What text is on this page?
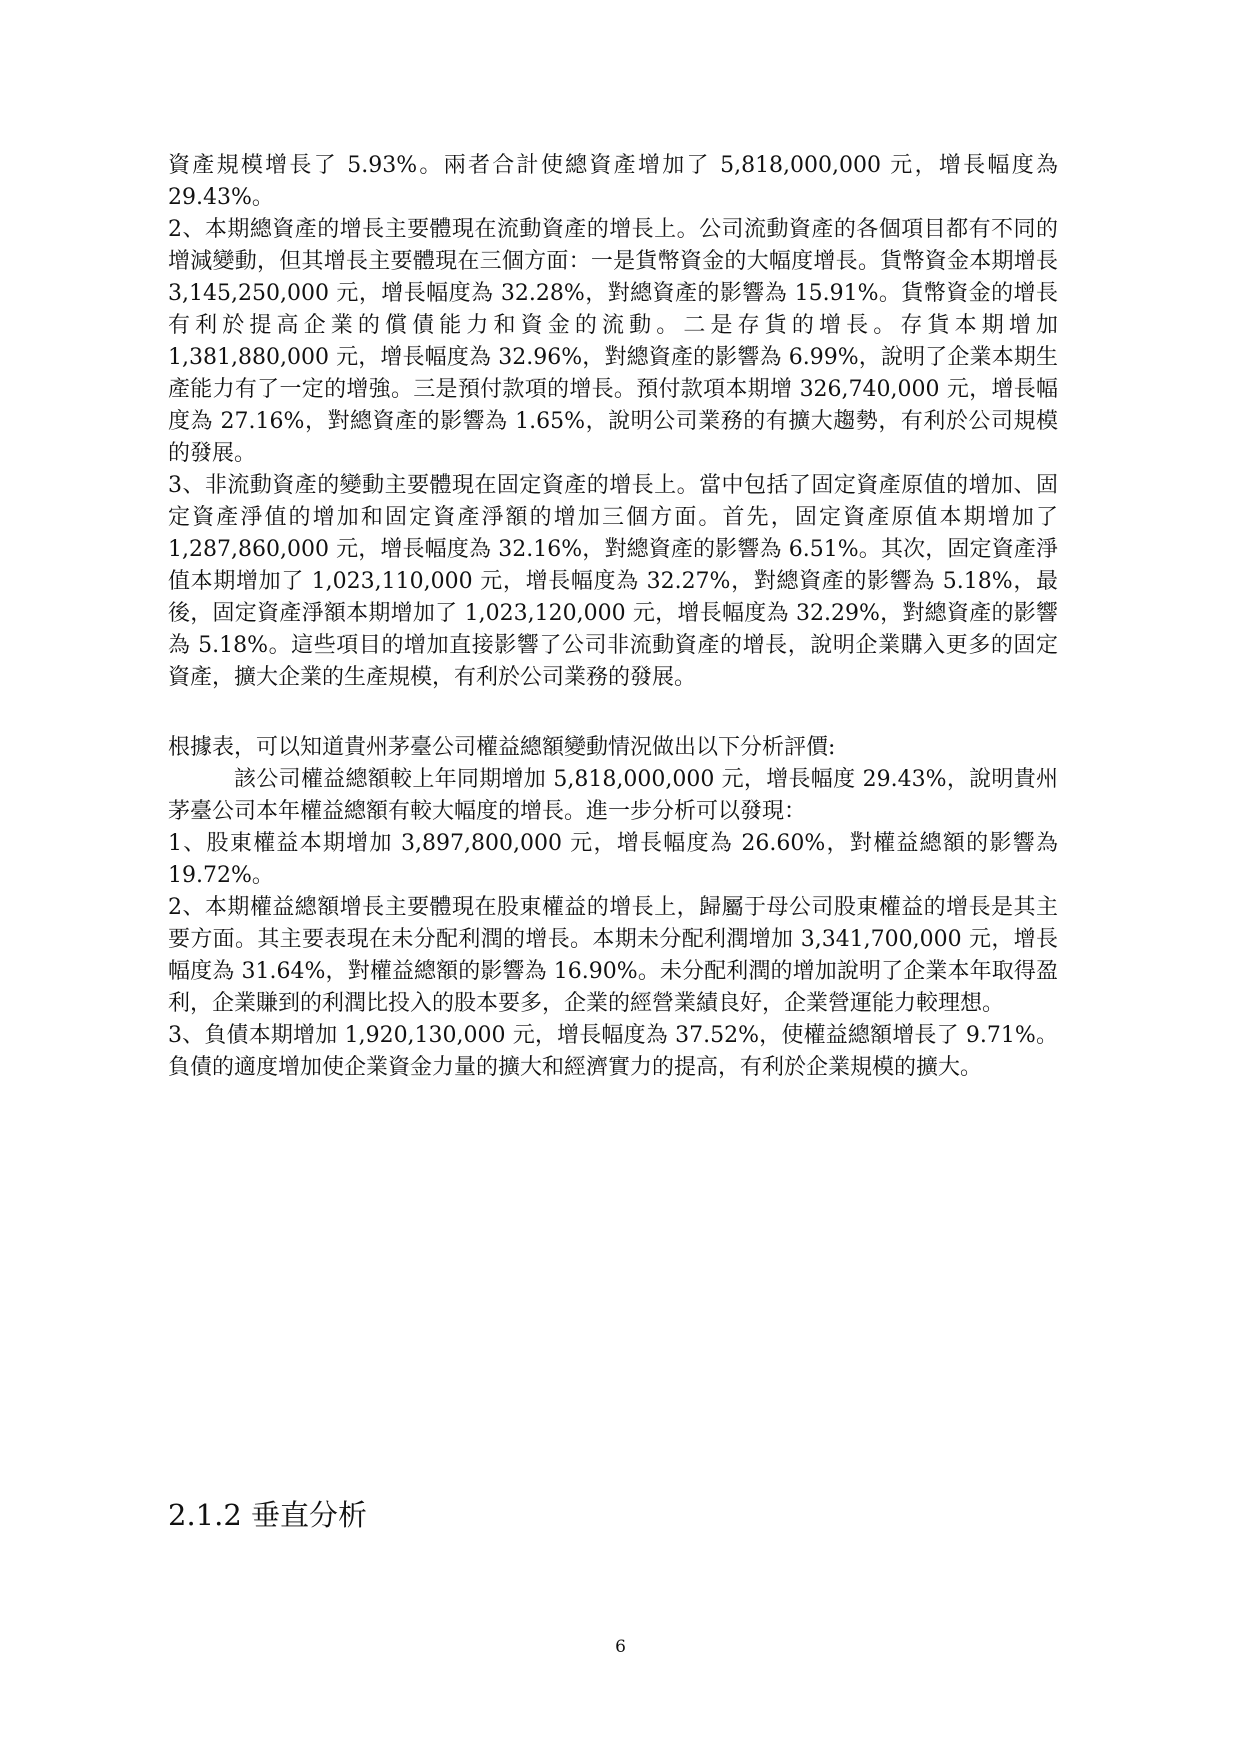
資產規模增長了 5.93%。兩者合計使總資產增加了 5,818,000,000 元，增長幅度為 29.43%。

2、本期總資產的增長主要體現在流動資產的增長上。公司流動資產的各個項目都有不同的增減變動，但其增長主要體現在三個方面：一是貨幣資金的大幅度增長。貨幣資金本期增長 3,145,250,000 元，增長幅度為 32.28%，對總資產的影響為 15.91%。貨幣資金的增長有利於提高企業的償債能力和資金的流動。二是存貨的增長。存貨本期增加 1,381,880,000 元，增長幅度為 32.96%，對總資產的影響為 6.99%，說明了企業本期生產能力有了一定的增強。三是預付款項的增長。預付款項本期增 326,740,000 元，增長幅度為 27.16%，對總資產的影響為 1.65%，說明公司業務的有擴大趨勢，有利於公司規模的發展。

3、非流動資產的變動主要體現在固定資產的增長上。當中包括了固定資產原值的增加、固定資產淨值的增加和固定資產淨額的增加三個方面。首先，固定資產原值本期增加了 1,287,860,000 元，增長幅度為 32.16%，對總資產的影響為 6.51%。其次，固定資產淨值本期增加了 1,023,110,000 元，增長幅度為 32.27%，對總資產的影響為 5.18%，最後，固定資產淨額本期增加了 1,023,120,000 元，增長幅度為 32.29%，對總資產的影響為 5.18%。這些項目的增加直接影響了公司非流動資產的增長，說明企業購入更多的固定資產，擴大企業的生產規模，有利於公司業務的發展。

根據表，可以知道貴州茅臺公司權益總額變動情況做出以下分析評價:

該公司權益總額較上年同期增加 5,818,000,000 元，增長幅度 29.43%，說明貴州茅臺公司本年權益總額有較大幅度的增長。進一步分析可以發現：

1、股東權益本期增加 3,897,800,000 元，增長幅度為 26.60%，對權益總額的影響為 19.72%。

2、本期權益總額增長主要體現在股東權益的增長上，歸屬于母公司股東權益的增長是其主要方面。其主要表現在未分配利潤的增長。本期未分配利潤增加 3,341,700,000 元，增長幅度為 31.64%，對權益總額的影響為 16.90%。未分配利潤的增加說明了企業本年取得盈利，企業賺到的利潤比投入的股本要多，企業的經營業績良好，企業營運能力較理想。

3、負債本期增加 1,920,130,000 元，增長幅度為 37.52%，使權益總額增長了 9.71%。負債的適度增加使企業資金力量的擴大和經濟實力的提高，有利於企業規模的擴大。

2.1.2 垂直分析
6
